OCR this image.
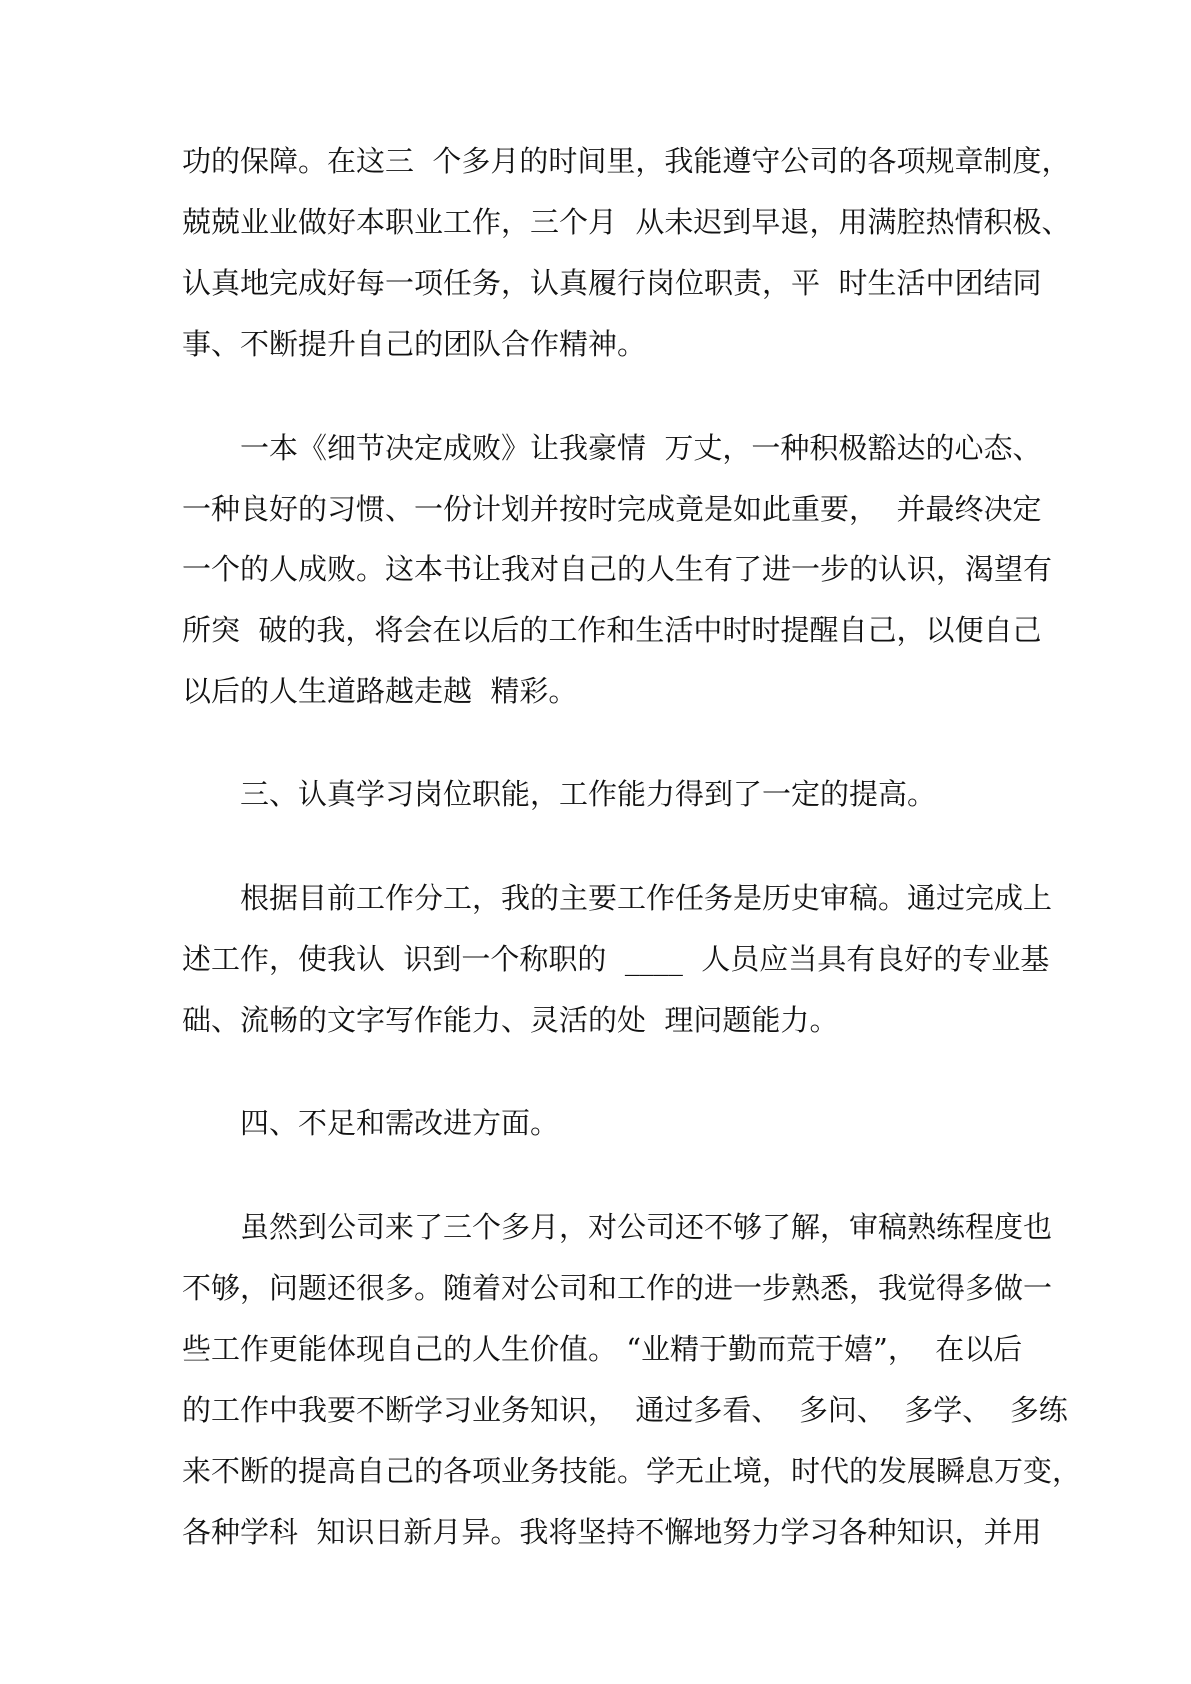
功的保障。在这三  个多月的时间里，我能遵守公司的各项规章制度，

兢兢业业做好本职业工作，三个月  从未迟到早退，用满腔热情积极、

认真地完成好每一项任务，认真履行岗位职责，平  时生活中团结同

事、不断提升自己的团队合作精神。

一本《细节决定成败》让我豪情  万丈，一种积极豁达的心态、

一种良好的习惯、一份计划并按时完成竟是如此重要，  并最终决定

一个的人成败。这本书让我对自己的人生有了进一步的认识，渴望有

所突  破的我，将会在以后的工作和生活中时时提醒自己，以便自己

以后的人生道路越走越  精彩。

三、认真学习岗位职能，工作能力得到了一定的提高。

根据目前工作分工，我的主要工作任务是历史审稿。通过完成上

述工作，使我认  识到一个称职的  ____  人员应当具有良好的专业基

础、流畅的文字写作能力、灵活的处  理问题能力。

四、不足和需改进方面。

虽然到公司来了三个多月，对公司还不够了解，审稿熟练程度也

不够，问题还很多。随着对公司和工作的进一步熟悉，我觉得多做一

些工作更能体现自己的人生价值。 “业精于勤而荒于嬉”，  在以后

的工作中我要不断学习业务知识，  通过多看、  多问、  多学、  多练

来不断的提高自己的各项业务技能。学无止境，时代的发展瞬息万变，

各种学科  知识日新月异。我将坚持不懈地努力学习各种知识，并用
